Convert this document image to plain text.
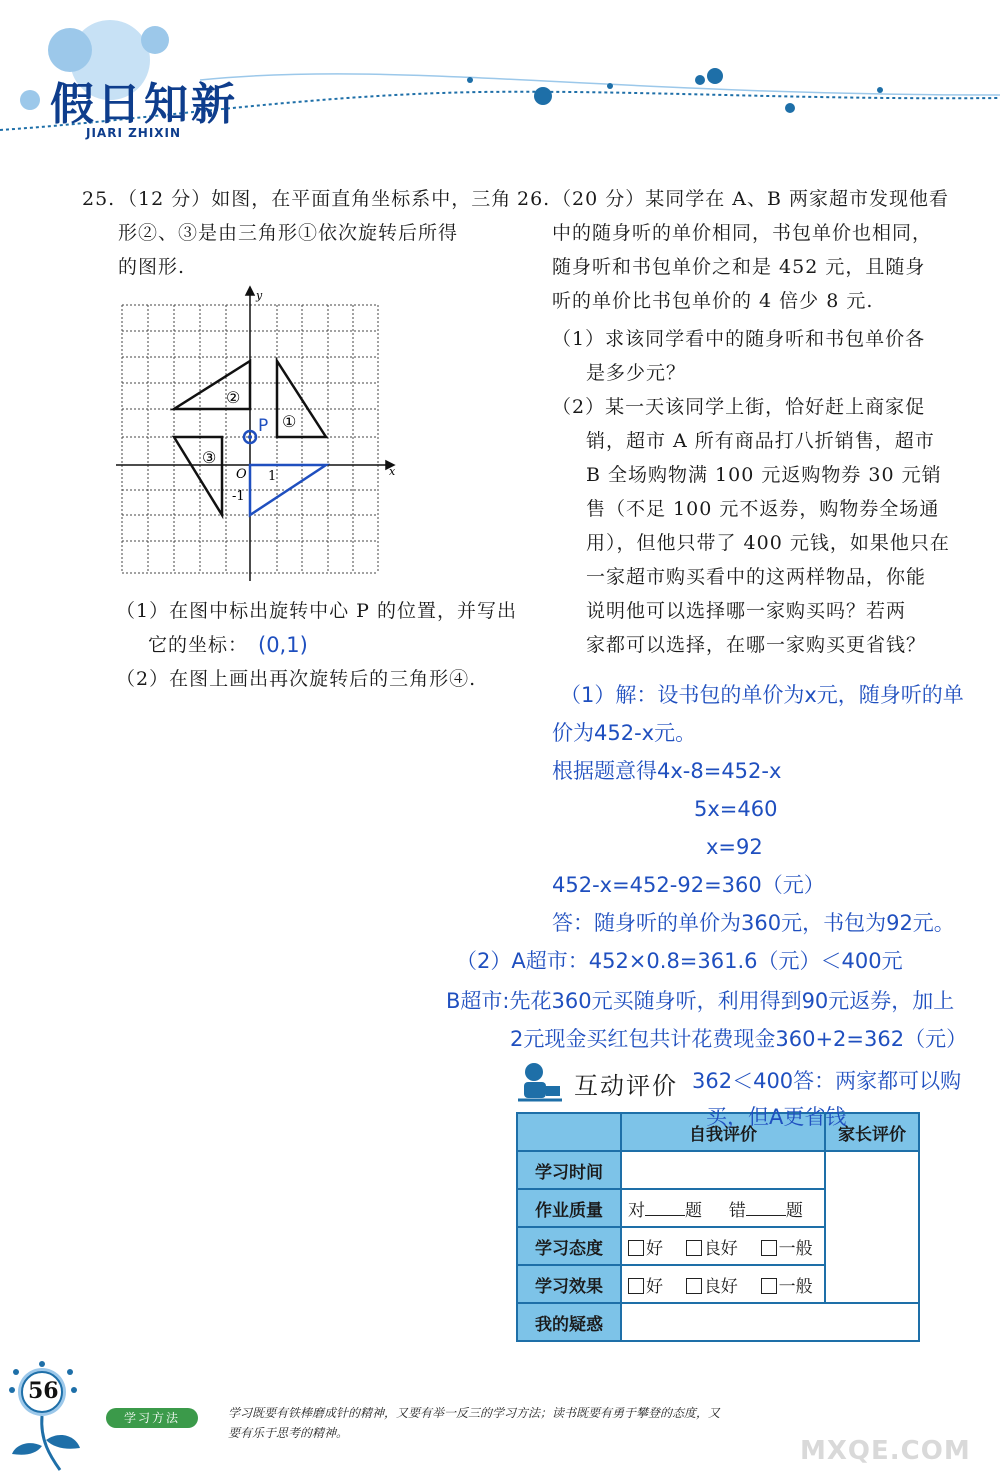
假日知新
JIARI ZHIXIN
25. （12 分）如图，在平面直角坐标系中，三角
形②、③是由三角形①依次旋转后所得
的图形.
x
y
O 1
-1
①
②
③
P
（1）在图中标出旋转中心 P 的位置，并写出
它的坐标： (0,1)
（2）在图上画出再次旋转后的三角形④.
26. （20 分）某同学在 A、B 两家超市发现他看
中的随身听的单价相同，书包单价也相同，
随身听和书包单价之和是 452 元，且随身
听的单价比书包单价的 4 倍少 8 元.
（1）求该同学看中的随身听和书包单价各
是多少元？
（2）某一天该同学上街，恰好赶上商家促
销，超市 A 所有商品打八折销售，超市
B 全场购物满 100 元返购物券 30 元销
售（不足 100 元不返券，购物券全场通
用），但他只带了 400 元钱，如果他只在
一家超市购买看中的这两样物品，你能
说明他可以选择哪一家购买吗？若两
家都可以选择，在哪一家购买更省钱？
（1）解：设书包的单价为x元，随身听的单
价为452-x元。
根据题意得4x-8=452-x
5x=460
x=92
452-x=452-92=360（元）
答：随身听的单价为360元，书包为92元。
（2）A超市：452×0.8=361.6（元）＜400元
B超市:先花360元买随身听，利用得到90元返券，加上
2元现金买红包共计花费现金360+2=362（元）
互动评价 362＜400答：两家都可以购
买，但A更省钱
	自我评价	家长评价
学习时间		
作业质量	对 题 错 题	
学习态度	好 良好 一般	
学习效果	好 良好 一般	
我的疑惑		
56
学习方法	学习既要有铁棒磨成针的精神，又要有举一反三的学习方法；读书既要有勇于攀登的态度，又
要有乐于思考的精神。
MXQE.COM
